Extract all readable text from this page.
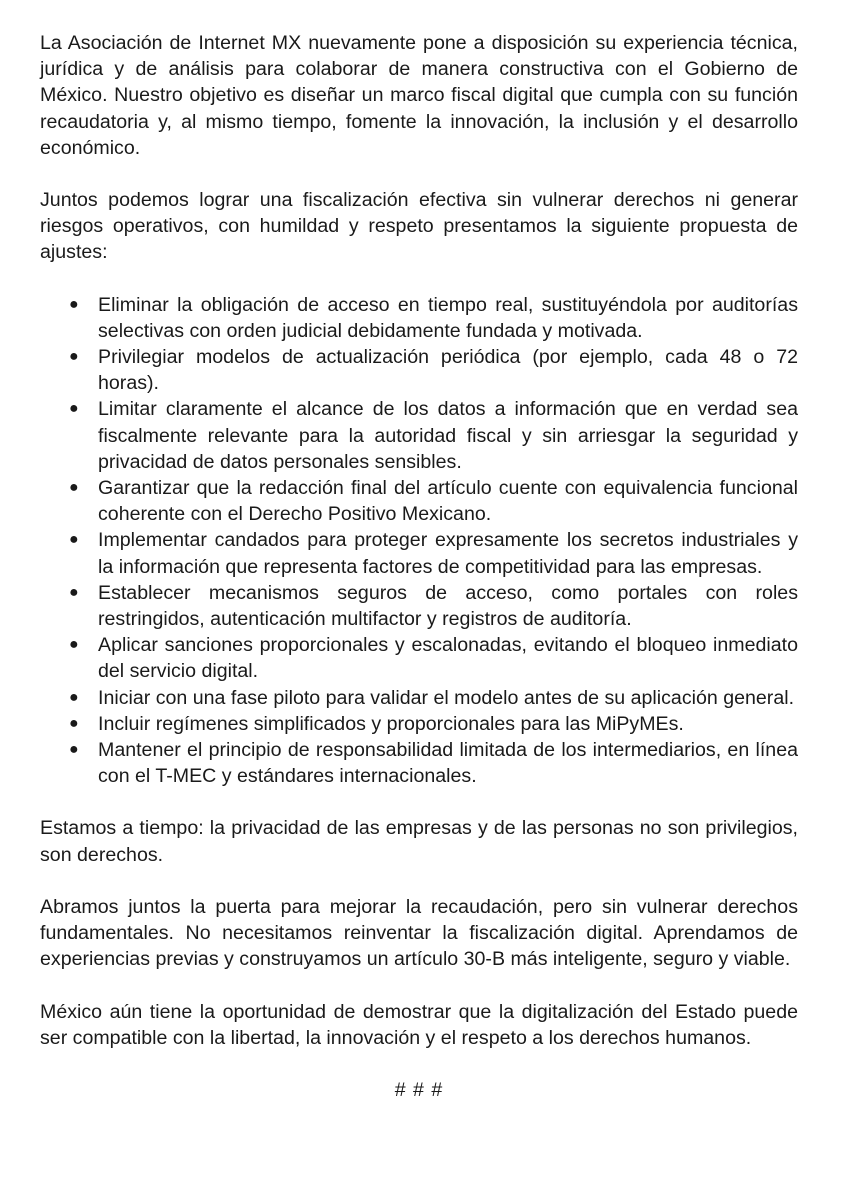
La Asociación de Internet MX nuevamente pone a disposición su experiencia técnica, jurídica y de análisis para colaborar de manera constructiva con el Gobierno de México. Nuestro objetivo es diseñar un marco fiscal digital que cumpla con su función recaudatoria y, al mismo tiempo, fomente la innovación, la inclusión y el desarrollo económico.

Juntos podemos lograr una fiscalización efectiva sin vulnerar derechos ni generar riesgos operativos, con humildad y respeto presentamos la siguiente propuesta de ajustes:

● Eliminar la obligación de acceso en tiempo real, sustituyéndola por auditorías selectivas con orden judicial debidamente fundada y motivada.
● Privilegiar modelos de actualización periódica (por ejemplo, cada 48 o 72 horas).
● Limitar claramente el alcance de los datos a información que en verdad sea fiscalmente relevante para la autoridad fiscal y sin arriesgar la seguridad y privacidad de datos personales sensibles.
● Garantizar que la redacción final del artículo cuente con equivalencia funcional coherente con el Derecho Positivo Mexicano.
● Implementar candados para proteger expresamente los secretos industriales y la información que representa factores de competitividad para las empresas.
● Establecer mecanismos seguros de acceso, como portales con roles restringidos, autenticación multifactor y registros de auditoría.
● Aplicar sanciones proporcionales y escalonadas, evitando el bloqueo inmediato del servicio digital.
● Iniciar con una fase piloto para validar el modelo antes de su aplicación general.
● Incluir regímenes simplificados y proporcionales para las MiPyMEs.
● Mantener el principio de responsabilidad limitada de los intermediarios, en línea con el T-MEC y estándares internacionales.

Estamos a tiempo: la privacidad de las empresas y de las personas no son privilegios, son derechos.

Abramos juntos la puerta para mejorar la recaudación, pero sin vulnerar derechos fundamentales. No necesitamos reinventar la fiscalización digital. Aprendamos de experiencias previas y construyamos un artículo 30-B más inteligente, seguro y viable.

México aún tiene la oportunidad de demostrar que la digitalización del Estado puede ser compatible con la libertad, la innovación y el respeto a los derechos humanos.

# # #
